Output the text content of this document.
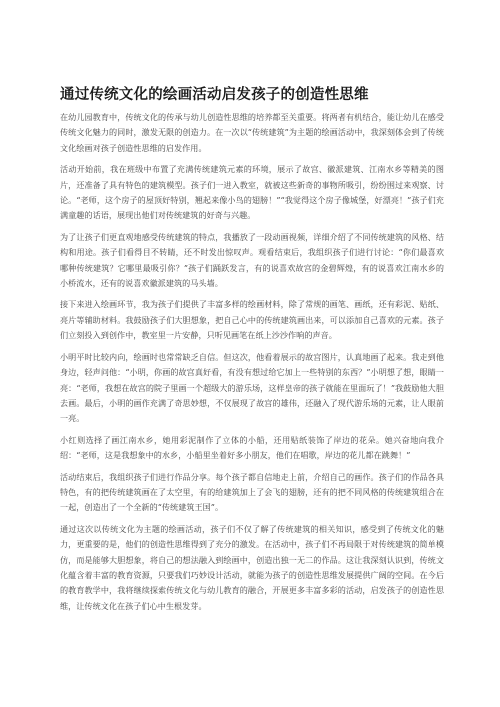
通过传统文化的绘画活动启发孩子的创造性思维

在幼儿园教育中，传统文化的传承与幼儿创造性思维的培养都至关重要。将两者有机结合，能让幼儿在感受传统文化魅力的同时，激发无限的创造力。在一次以“传统建筑”为主题的绘画活动中，我深刻体会到了传统文化绘画对孩子创造性思维的启发作用。

活动开始前，我在班级中布置了充满传统建筑元素的环境，展示了故宫、徽派建筑、江南水乡等精美的图片，还准备了具有特色的建筑模型。孩子们一进入教室，就被这些新奇的事物所吸引，纷纷围过来观察、讨论。“老师，这个房子的屋顶好特别，翘起来像小鸟的翅膀！”“我觉得这个房子像城堡，好漂亮！”孩子们充满童趣的话语，展现出他们对传统建筑的好奇与兴趣。

为了让孩子们更直观地感受传统建筑的特点，我播放了一段动画视频，详细介绍了不同传统建筑的风格、结构和用途。孩子们看得目不转睛，还不时发出惊叹声。观看结束后，我组织孩子们进行讨论：“你们最喜欢哪种传统建筑？它哪里最吸引你？”孩子们踊跃发言，有的说喜欢故宫的金碧辉煌，有的说喜欢江南水乡的小桥流水，还有的说喜欢徽派建筑的马头墙。

接下来进入绘画环节，我为孩子们提供了丰富多样的绘画材料，除了常规的画笔、画纸，还有彩泥、贴纸、亮片等辅助材料。我鼓励孩子们大胆想象，把自己心中的传统建筑画出来，可以添加自己喜欢的元素。孩子们立刻投入到创作中，教室里一片安静，只听见画笔在纸上沙沙作响的声音。

小明平时比较内向，绘画时也常常缺乏自信。但这次，他看着展示的故宫图片，认真地画了起来。我走到他身边，轻声问他：“小明，你画的故宫真好看，有没有想过给它加上一些特别的东西？”小明想了想，眼睛一亮：“老师，我想在故宫的院子里画一个超级大的游乐场，这样皇帝的孩子就能在里面玩了！”我鼓励他大胆去画。最后，小明的画作充满了奇思妙想，不仅展现了故宫的雄伟，还融入了现代游乐场的元素，让人眼前一亮。

小红则选择了画江南水乡，她用彩泥制作了立体的小船，还用贴纸装饰了岸边的花朵。她兴奋地向我介绍：“老师，这是我想象中的水乡，小船里坐着好多小朋友，他们在唱歌，岸边的花儿都在跳舞！”

活动结束后，我组织孩子们进行作品分享。每个孩子都自信地走上前，介绍自己的画作。孩子们的作品各具特色，有的把传统建筑画在了太空里，有的给建筑加上了会飞的翅膀，还有的把不同风格的传统建筑组合在一起，创造出了一个全新的“传统建筑王国”。

通过这次以传统文化为主题的绘画活动，孩子们不仅了解了传统建筑的相关知识，感受到了传统文化的魅力，更重要的是，他们的创造性思维得到了充分的激发。在活动中，孩子们不再局限于对传统建筑的简单模仿，而是能够大胆想象，将自己的想法融入到绘画中，创造出独一无二的作品。这让我深刻认识到，传统文化蕴含着丰富的教育资源，只要我们巧妙设计活动，就能为孩子的创造性思维发展提供广阔的空间。在今后的教育教学中，我将继续探索传统文化与幼儿教育的融合，开展更多丰富多彩的活动，启发孩子的创造性思维，让传统文化在孩子们心中生根发芽。
